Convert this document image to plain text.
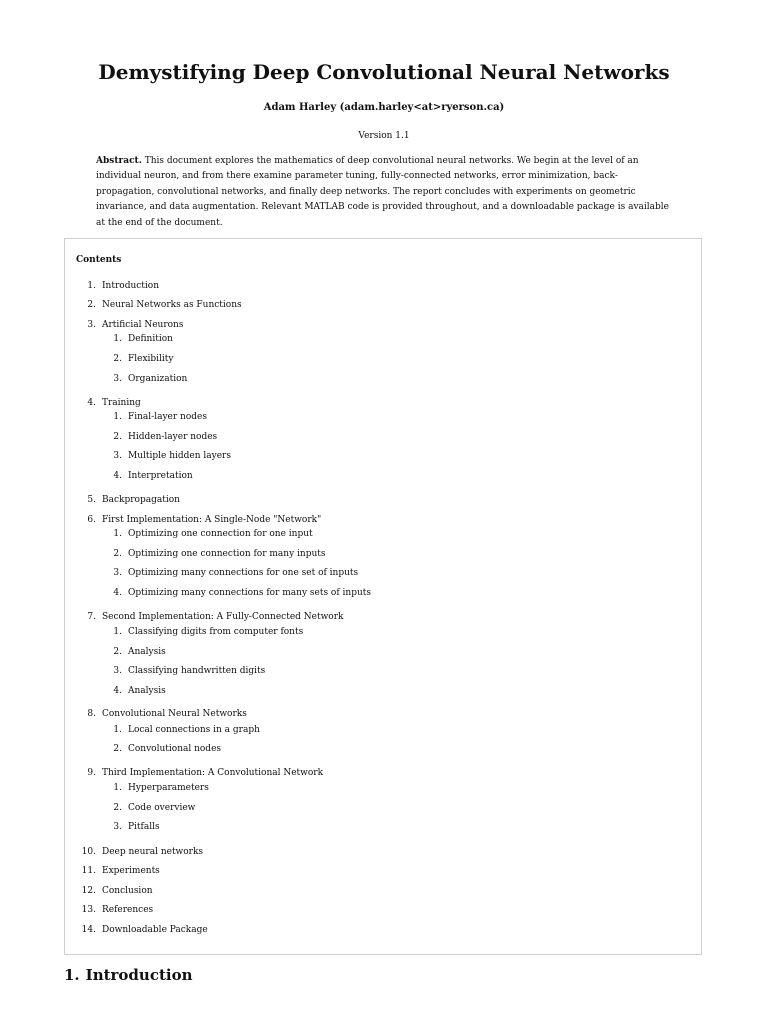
Demystifying Deep Convolutional Neural Networks
Adam Harley (adam.harley<at>ryerson.ca)
Version 1.1

Abstract. This document explores the mathematics of deep convolutional neural networks. We begin at the level of an individual neuron, and from there examine parameter tuning, fully-connected networks, error minimization, back-propagation, convolutional networks, and finally deep networks. The report concludes with experiments on geometric invariance, and data augmentation. Relevant MATLAB code is provided throughout, and a downloadable package is available at the end of the document.

Contents
1. Introduction
2. Neural Networks as Functions
3. Artificial Neurons
1. Definition
2. Flexibility
3. Organization
4. Training
1. Final-layer nodes
2. Hidden-layer nodes
3. Multiple hidden layers
4. Interpretation
5. Backpropagation
6. First Implementation: A Single-Node "Network"
1. Optimizing one connection for one input
2. Optimizing one connection for many inputs
3. Optimizing many connections for one set of inputs
4. Optimizing many connections for many sets of inputs
7. Second Implementation: A Fully-Connected Network
1. Classifying digits from computer fonts
2. Analysis
3. Classifying handwritten digits
4. Analysis
8. Convolutional Neural Networks
1. Local connections in a graph
2. Convolutional nodes
9. Third Implementation: A Convolutional Network
1. Hyperparameters
2. Code overview
3. Pitfalls
10. Deep neural networks
11. Experiments
12. Conclusion
13. References
14. Downloadable Package
1. Introduction
